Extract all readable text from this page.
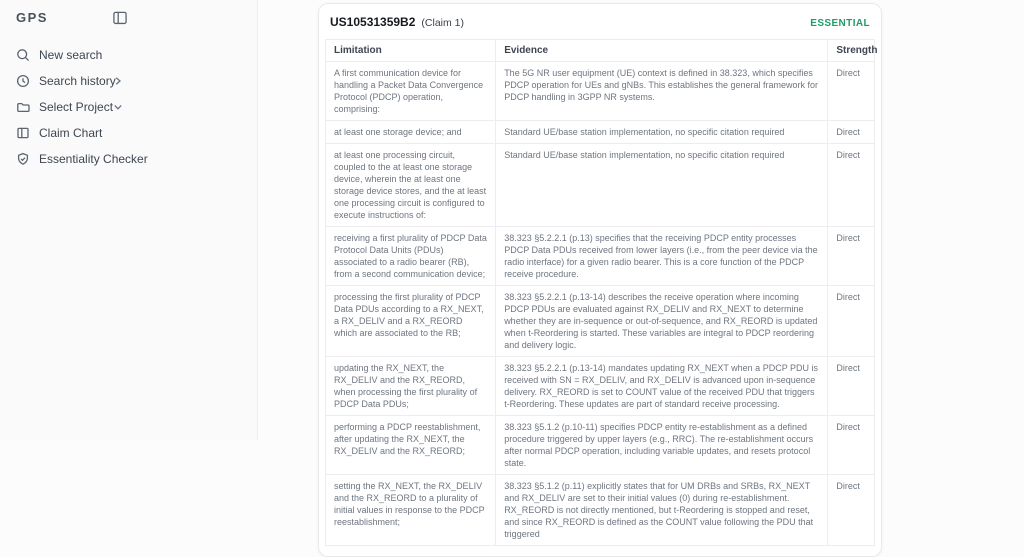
GPS
New search
Search history
Select Project
Claim Chart
Essentiality Checker
US10531359B2 (Claim 1)	ESSENTIAL
Limitation	Evidence	Strength
A first communication device for handling a Packet Data Convergence Protocol (PDCP) operation, comprising:	The 5G NR user equipment (UE) context is defined in 38.323, which specifies PDCP operation for UEs and gNBs. This establishes the general framework for PDCP handling in 3GPP NR systems.	Direct
at least one storage device; and	Standard UE/base station implementation, no specific citation required	Direct
at least one processing circuit, coupled to the at least one storage device, wherein the at least one storage device stores, and the at least one processing circuit is configured to execute instructions of:	Standard UE/base station implementation, no specific citation required	Direct
receiving a first plurality of PDCP Data Protocol Data Units (PDUs) associated to a radio bearer (RB), from a second communication device;	38.323 §5.2.2.1 (p.13) specifies that the receiving PDCP entity processes PDCP Data PDUs received from lower layers (i.e., from the peer device via the radio interface) for a given radio bearer. This is a core function of the PDCP receive procedure.	Direct
processing the first plurality of PDCP Data PDUs according to a RX_NEXT, a RX_DELIV and a RX_REORD which are associated to the RB;	38.323 §5.2.2.1 (p.13-14) describes the receive operation where incoming PDCP PDUs are evaluated against RX_DELIV and RX_NEXT to determine whether they are in-sequence or out-of-sequence, and RX_REORD is updated when t-Reordering is started. These variables are integral to PDCP reordering and delivery logic.	Direct
updating the RX_NEXT, the RX_DELIV and the RX_REORD, when processing the first plurality of PDCP Data PDUs;	38.323 §5.2.2.1 (p.13-14) mandates updating RX_NEXT when a PDCP PDU is received with SN = RX_DELIV, and RX_DELIV is advanced upon in-sequence delivery. RX_REORD is set to COUNT value of the received PDU that triggers t-Reordering. These updates are part of standard receive processing.	Direct
performing a PDCP reestablishment, after updating the RX_NEXT, the RX_DELIV and the RX_REORD;	38.323 §5.1.2 (p.10-11) specifies PDCP entity re-establishment as a defined procedure triggered by upper layers (e.g., RRC). The re-establishment occurs after normal PDCP operation, including variable updates, and resets protocol state.	Direct
setting the RX_NEXT, the RX_DELIV and the RX_REORD to a plurality of initial values in response to the PDCP reestablishment;	38.323 §5.1.2 (p.11) explicitly states that for UM DRBs and SRBs, RX_NEXT and RX_DELIV are set to their initial values (0) during re-establishment. RX_REORD is not directly mentioned, but t-Reordering is stopped and reset, and since RX_REORD is defined as the COUNT value following the PDU that triggered	Direct
